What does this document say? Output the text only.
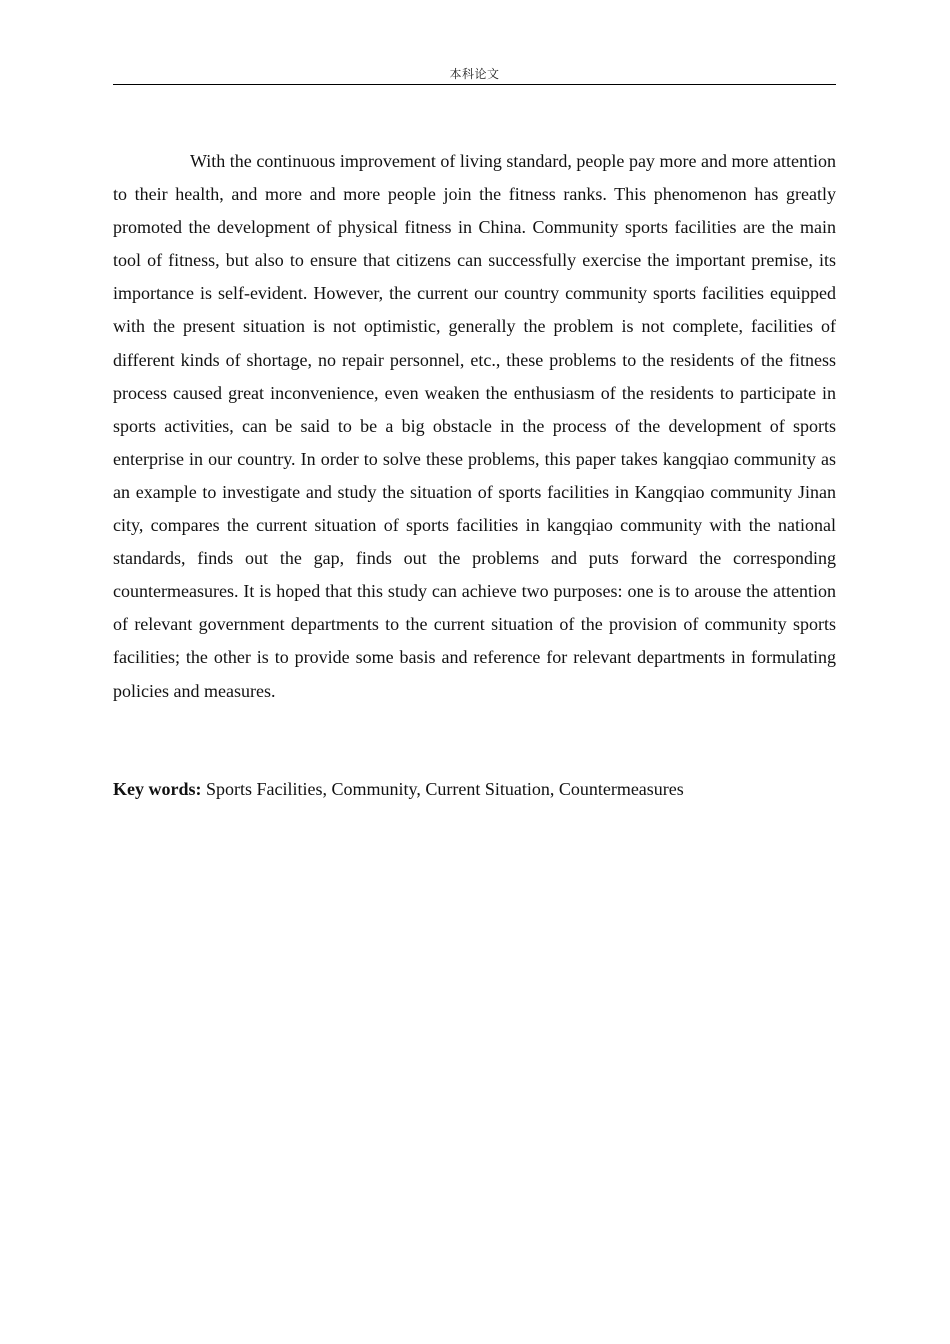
本科论文

With the continuous improvement of living standard, people pay more and more attention to their health, and more and more people join the fitness ranks. This phenomenon has greatly promoted the development of physical fitness in China. Community sports facilities are the main tool of fitness, but also to ensure that citizens can successfully exercise the important premise, its importance is self-evident. However, the current our country community sports facilities equipped with the present situation is not optimistic, generally the problem is not complete, facilities of different kinds of shortage, no repair personnel, etc., these problems to the residents of the fitness process caused great inconvenience, even weaken the enthusiasm of the residents to participate in sports activities, can be said to be a big obstacle in the process of the development of sports enterprise in our country. In order to solve these problems, this paper takes kangqiao community as an example to investigate and study the situation of sports facilities in Kangqiao community Jinan city, compares the current situation of sports facilities in kangqiao community with the national standards, finds out the gap, finds out the problems and puts forward the corresponding countermeasures. It is hoped that this study can achieve two purposes: one is to arouse the attention of relevant government departments to the current situation of the provision of community sports facilities; the other is to provide some basis and reference for relevant departments in formulating policies and measures.

Key words: Sports Facilities, Community, Current Situation, Countermeasures
